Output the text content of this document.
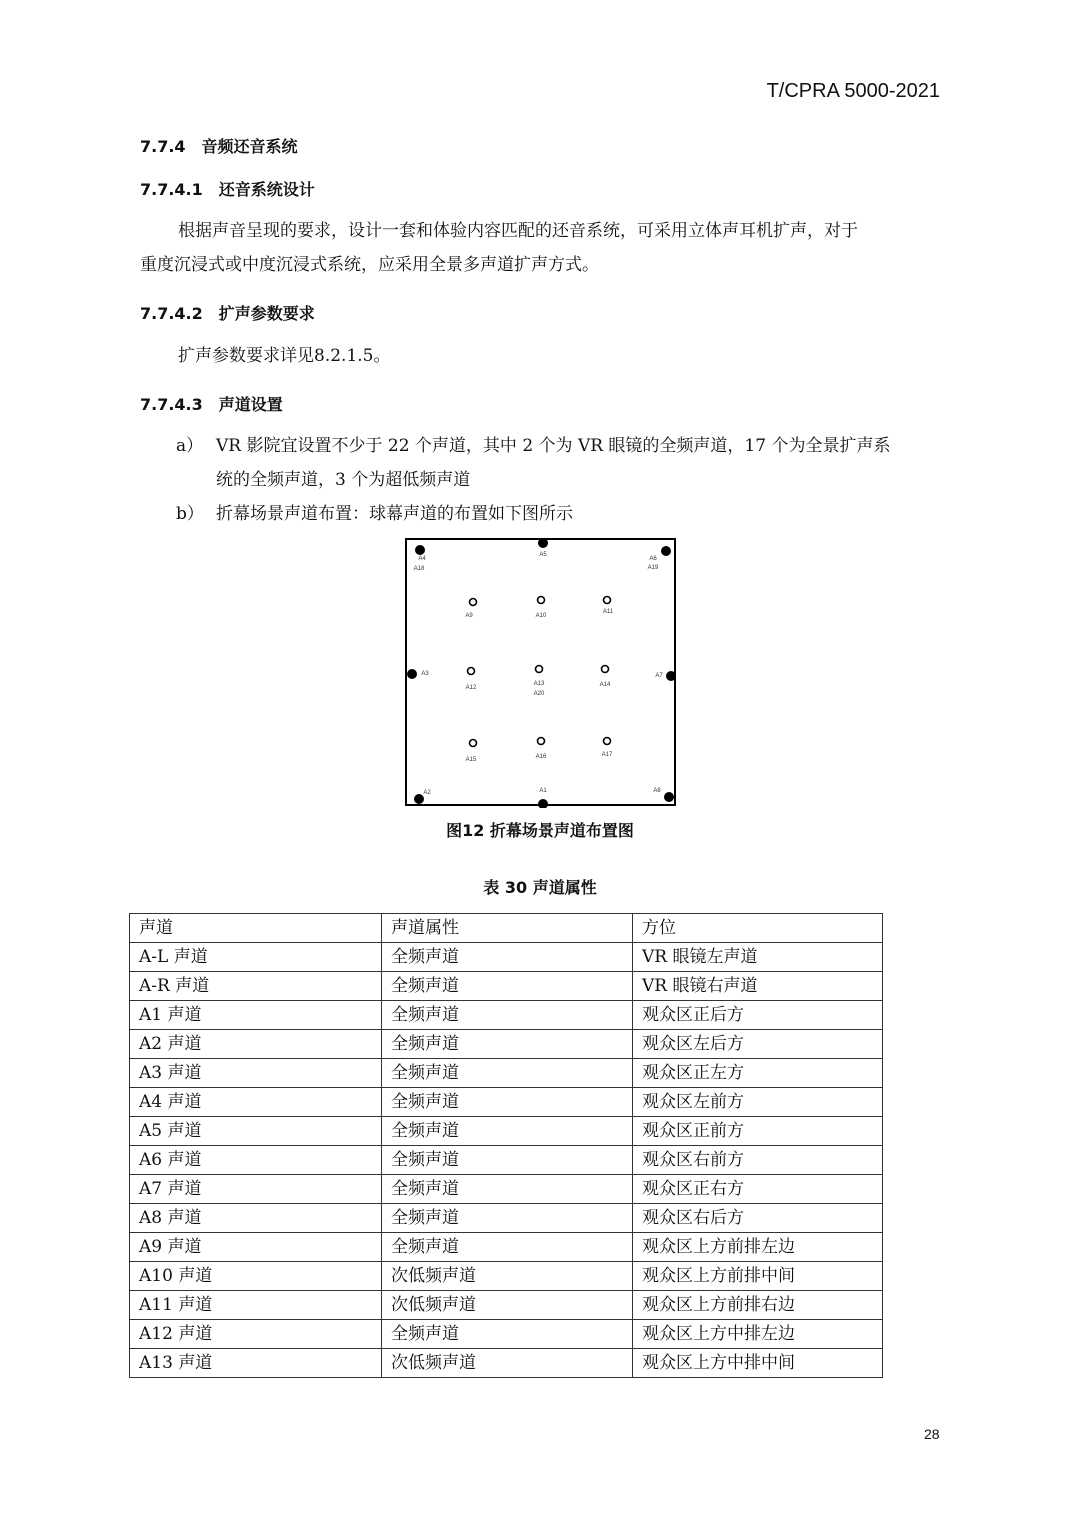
T/CPRA 5000-2021
7.7.4　音频还音系统
7.7.4.1　还音系统设计
根据声音呈现的要求，设计一套和体验内容匹配的还音系统，可采用立体声耳机扩声，对于
重度沉浸式或中度沉浸式系统，应采用全景多声道扩声方式。
7.7.4.2　扩声参数要求
扩声参数要求详见8.2.1.5。
7.7.4.3　声道设置
a） VR 影院宜设置不少于 22 个声道，其中 2 个为 VR 眼镜的全频声道，17 个为全景扩声系
统的全频声道，3 个为超低频声道
b） 折幕场景声道布置：球幕声道的布置如下图所示
A1
A2
A3
A4
A18
A5
A6
A19
A7
A8
A9	A10
A11
A12
A13
A20
A14
A15	A16	A17
图12 折幕场景声道布置图
表 30 声道属性
声道	声道属性	方位
A-L 声道	全频声道	VR 眼镜左声道
A-R 声道	全频声道	VR 眼镜右声道
A1 声道	全频声道	观众区正后方
A2 声道	全频声道	观众区左后方
A3 声道	全频声道	观众区正左方
A4 声道	全频声道	观众区左前方
A5 声道	全频声道	观众区正前方
A6 声道	全频声道	观众区右前方
A7 声道	全频声道	观众区正右方
A8 声道	全频声道	观众区右后方
A9 声道	全频声道	观众区上方前排左边
A10 声道	次低频声道	观众区上方前排中间
A11 声道	次低频声道	观众区上方前排右边
A12 声道	全频声道	观众区上方中排左边
A13 声道	次低频声道	观众区上方中排中间
28
